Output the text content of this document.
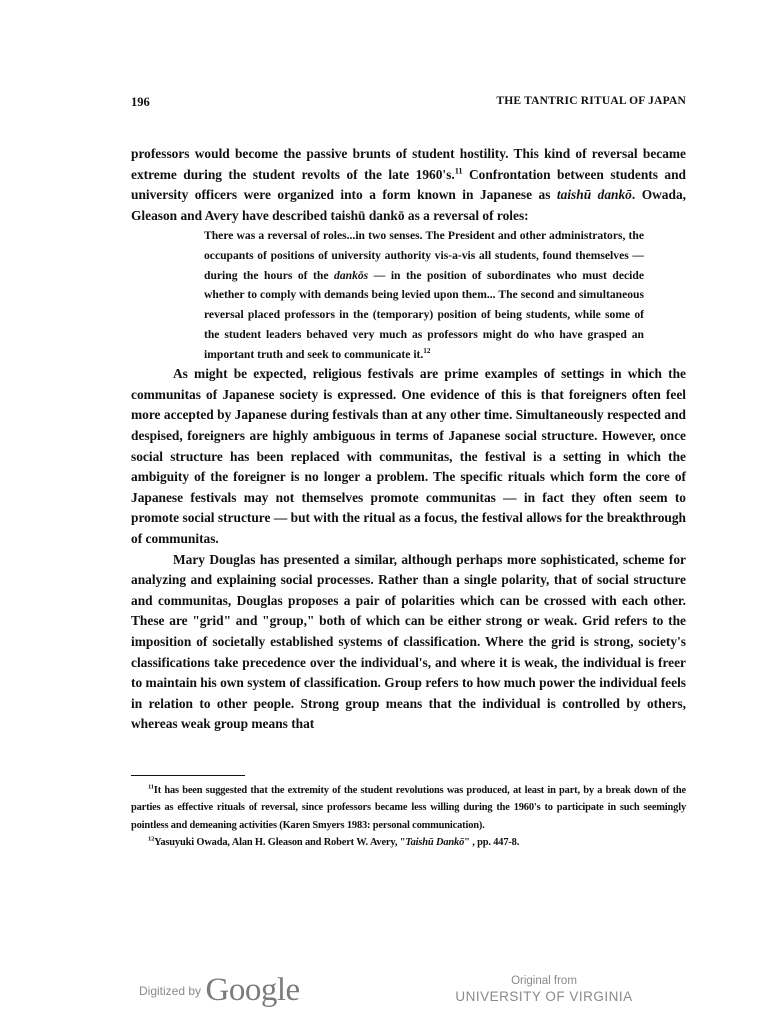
196	THE TANTRIC RITUAL OF JAPAN

professors would become the passive brunts of student hostility. This kind of reversal became extreme during the student revolts of the late 1960's.$^{11}$ Confrontation between students and university officers were organized into a form known in Japanese as taishū dankō. Owada, Gleason and Avery have described taishū dankō as a reversal of roles:

There was a reversal of roles...in two senses. The President and other administrators, the occupants of positions of university authority vis-a-vis all students, found themselves — during the hours of the dankōs — in the position of subordinates who must decide whether to comply with demands being levied upon them... The second and simultaneous reversal placed professors in the (temporary) position of being students, while some of the student leaders behaved very much as professors might do who have grasped an important truth and seek to communicate it.$^{12}$

As might be expected, religious festivals are prime examples of settings in which the communitas of Japanese society is expressed. One evidence of this is that foreigners often feel more accepted by Japanese during festivals than at any other time. Simultaneously respected and despised, foreigners are highly ambiguous in terms of Japanese social structure. However, once social structure has been replaced with communitas, the festival is a setting in which the ambiguity of the foreigner is no longer a problem. The specific rituals which form the core of Japanese festivals may not themselves promote communitas — in fact they often seem to promote social structure — but with the ritual as a focus, the festival allows for the breakthrough of communitas.

Mary Douglas has presented a similar, although perhaps more sophisticated, scheme for analyzing and explaining social processes. Rather than a single polarity, that of social structure and communitas, Douglas proposes a pair of polarities which can be crossed with each other. These are "grid" and "group," both of which can be either strong or weak. Grid refers to the imposition of societally established systems of classification. Where the grid is strong, society's classifications take precedence over the individual's, and where it is weak, the individual is freer to maintain his own system of classification. Group refers to how much power the individual feels in relation to other people. Strong group means that the individual is controlled by others, whereas weak group means that

$^{11}$It has been suggested that the extremity of the student revolutions was produced, at least in part, by a break down of the parties as effective rituals of reversal, since professors became less willing during the 1960's to participate in such seemingly pointless and demeaning activities (Karen Smyers 1983: personal communication).

$^{12}$Yasuyuki Owada, Alan H. Gleason and Robert W. Avery, "Taishū Dankō" , pp. 447-8.

$^{Digitized by}$ Google	Original from
UNIVERSITY OF VIRGINIA
